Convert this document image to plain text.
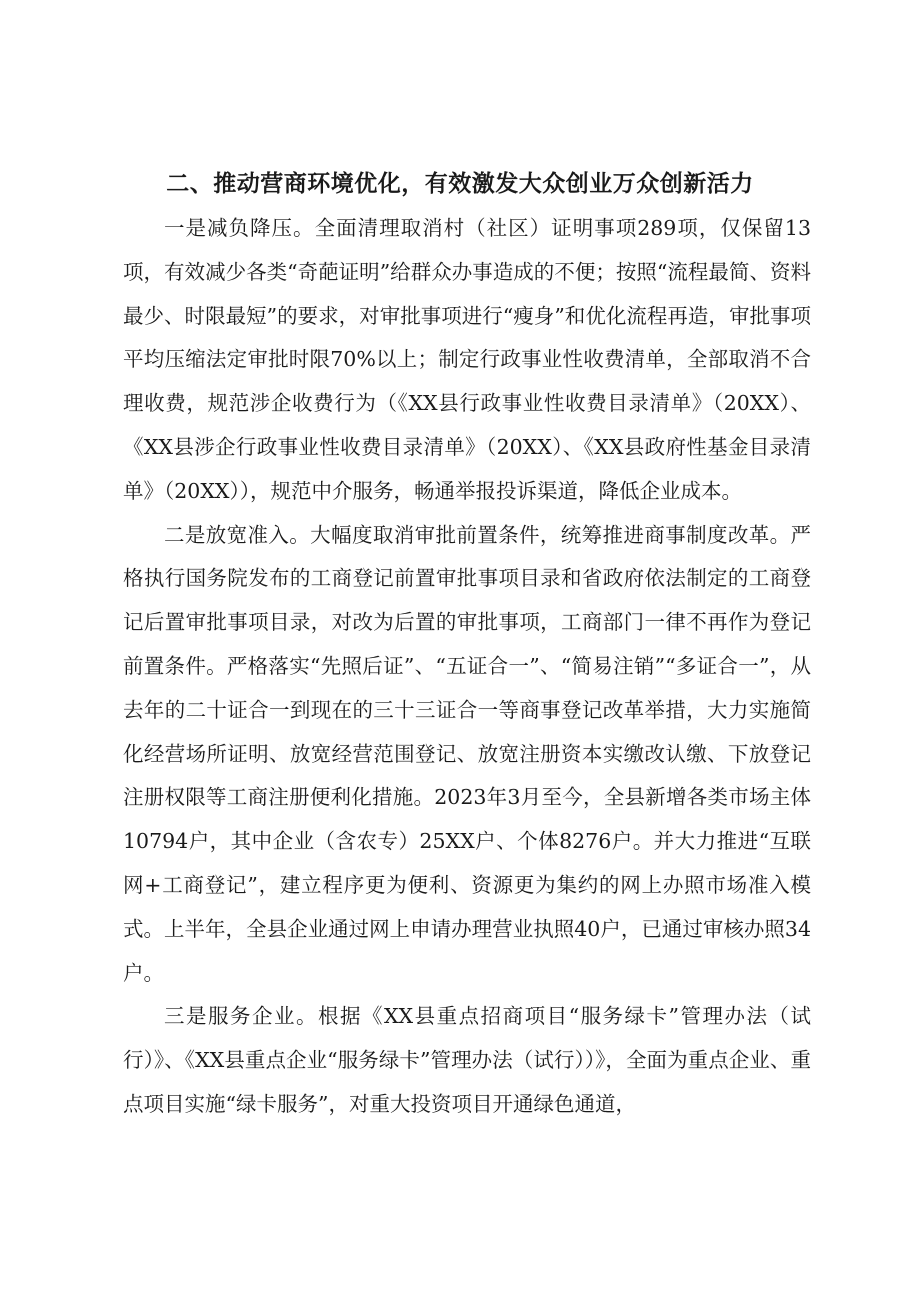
二、推动营商环境优化，有效激发大众创业万众创新活力

一是减负降压。全面清理取消村（社区）证明事项289项，仅保留13项，有效减少各类“奇葩证明”给群众办事造成的不便；按照“流程最简、资料最少、时限最短”的要求，对审批事项进行“瘦身”和优化流程再造，审批事项平均压缩法定审批时限70%以上；制定行政事业性收费清单，全部取消不合理收费，规范涉企收费行为（《XX县行政事业性收费目录清单》（20XX）、《XX县涉企行政事业性收费目录清单》（20XX）、《XX县政府性基金目录清单》（20XX）），规范中介服务，畅通举报投诉渠道，降低企业成本。

二是放宽准入。大幅度取消审批前置条件，统筹推进商事制度改革。严格执行国务院发布的工商登记前置审批事项目录和省政府依法制定的工商登记后置审批事项目录，对改为后置的审批事项，工商部门一律不再作为登记前置条件。严格落实“先照后证”、“五证合一”、“简易注销”“多证合一”，从去年的二十证合一到现在的三十三证合一等商事登记改革举措，大力实施简化经营场所证明、放宽经营范围登记、放宽注册资本实缴改认缴、下放登记注册权限等工商注册便利化措施。2023年3月至今，全县新增各类市场主体10794户，其中企业（含农专）25XX户、个体8276户。并大力推进“互联网+工商登记”，建立程序更为便利、资源更为集约的网上办照市场准入模式。上半年，全县企业通过网上申请办理营业执照40户，已通过审核办照34户。

三是服务企业。根据《XX县重点招商项目“服务绿卡”管理办法（试行）》、《XX县重点企业“服务绿卡”管理办法（试行））》，全面为重点企业、重点项目实施“绿卡服务”，对重大投资项目开通绿色通道，
